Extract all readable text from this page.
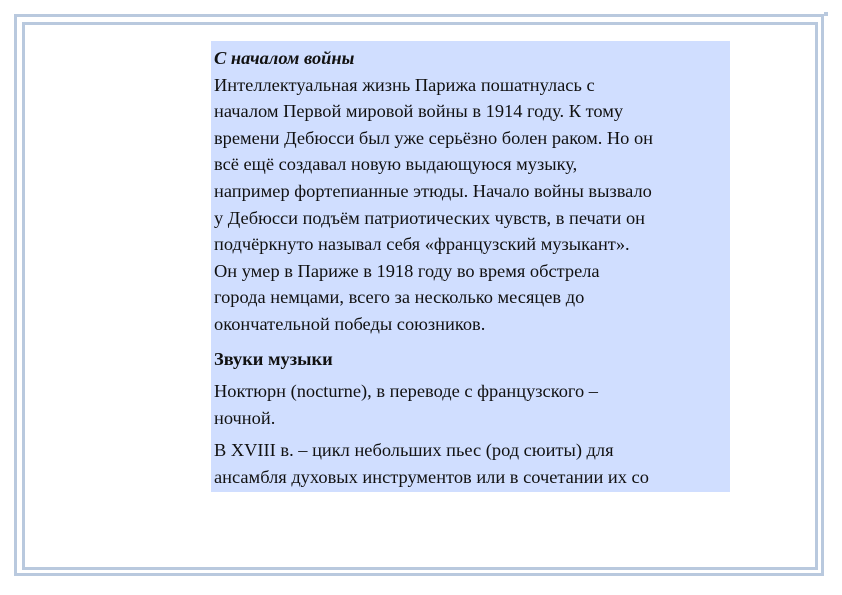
С началом войны
Интеллектуальная жизнь Парижа пошатнулась с
началом Первой мировой войны в 1914 году. К тому
времени Дебюсси был уже серьёзно болен раком. Но он
всё ещё создавал новую выдающуюся музыку,
например фортепианные этюды. Начало войны вызвало
у Дебюсси подъём патриотических чувств, в печати он
подчёркнуто называл себя «французский музыкант».
Он умер в Париже в 1918 году во время обстрела
города немцами, всего за несколько месяцев до
окончательной победы союзников.
Звуки музыки
Ноктюрн (nocturne), в переводе с французского –
ночной.
В XVIII в. – цикл небольших пьес (род сюиты) для
ансамбля духовых инструментов или в сочетании их со
